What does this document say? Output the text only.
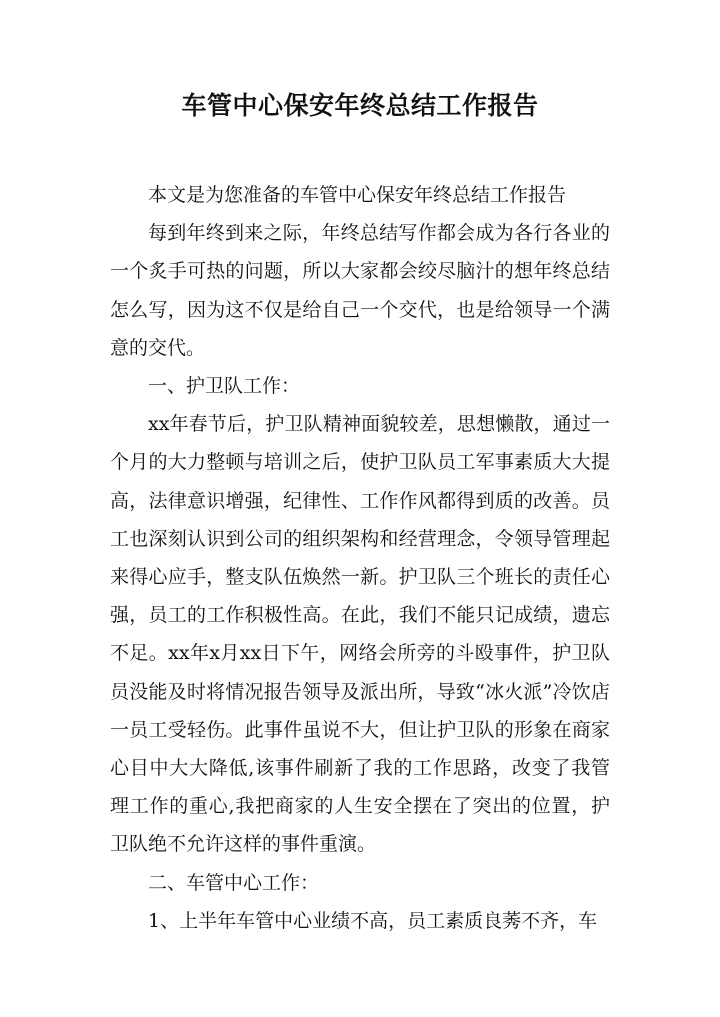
车管中心保安年终总结工作报告

本文是为您准备的车管中心保安年终总结工作报告

每到年终到来之际，年终总结写作都会成为各行各业的一个炙手可热的问题，所以大家都会绞尽脑汁的想年终总结怎么写，因为这不仅是给自己一个交代，也是给领导一个满意的交代。

一、护卫队工作：

xx年春节后，护卫队精神面貌较差，思想懒散，通过一个月的大力整顿与培训之后，使护卫队员工军事素质大大提高，法律意识增强，纪律性、工作作风都得到质的改善。员工也深刻认识到公司的组织架构和经营理念，令领导管理起来得心应手，整支队伍焕然一新。护卫队三个班长的责任心强，员工的工作积极性高。在此，我们不能只记成绩，遗忘不足。xx年x月xx日下午，网络会所旁的斗殴事件，护卫队员没能及时将情况报告领导及派出所，导致“冰火派”冷饮店一员工受轻伤。此事件虽说不大，但让护卫队的形象在商家心目中大大降低,该事件刷新了我的工作思路，改变了我管理工作的重心,我把商家的人生安全摆在了突出的位置，护卫队绝不允许这样的事件重演。

二、车管中心工作：

1、上半年车管中心业绩不高，员工素质良莠不齐，车
